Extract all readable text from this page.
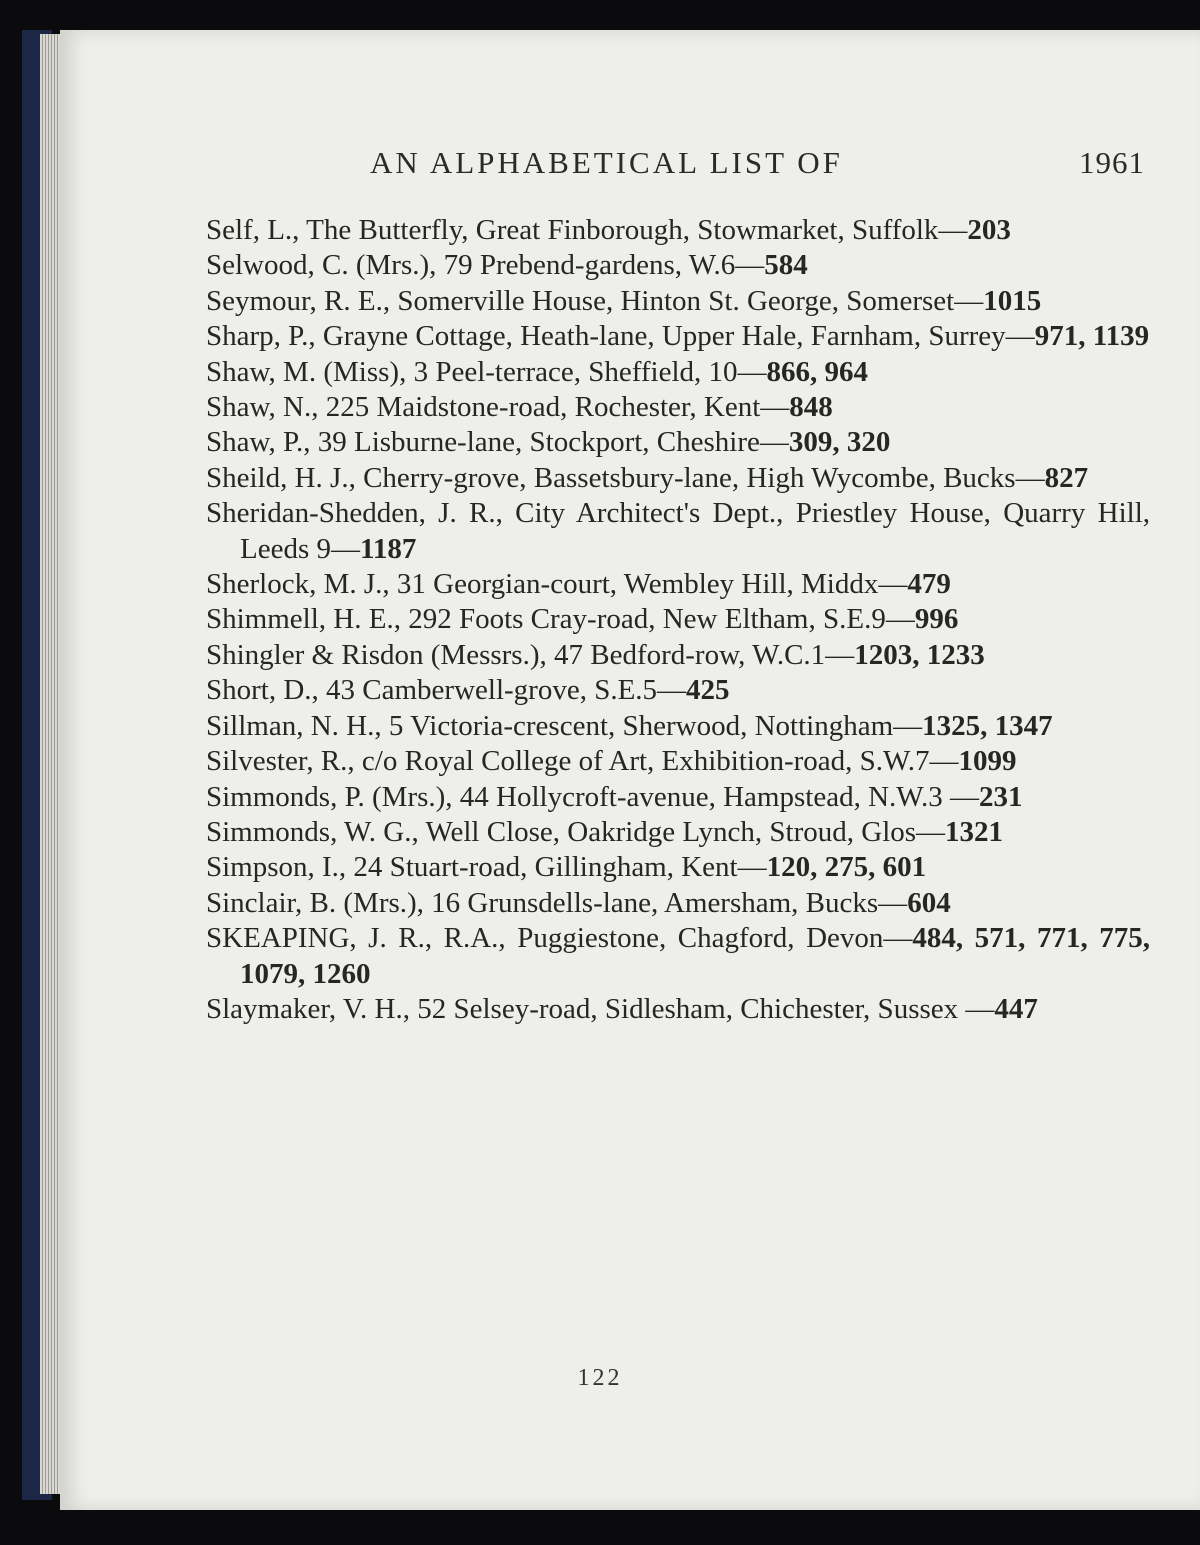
AN ALPHABETICAL LIST OF	1961
Self, L., The Butterfly, Great Finborough, Stowmarket, Suffolk—203
Selwood, C. (Mrs.), 79 Prebend-gardens, W.6—584
Seymour, R. E., Somerville House, Hinton St. George, Somerset—1015
Sharp, P., Grayne Cottage, Heath-lane, Upper Hale, Farnham, Surrey—971, 1139
Shaw, M. (Miss), 3 Peel-terrace, Sheffield, 10—866, 964
Shaw, N., 225 Maidstone-road, Rochester, Kent—848
Shaw, P., 39 Lisburne-lane, Stockport, Cheshire—309, 320
Sheild, H. J., Cherry-grove, Bassetsbury-lane, High Wycombe, Bucks—827
Sheridan-Shedden, J. R., City Architect's Dept., Priestley House, Quarry Hill, Leeds 9—1187
Sherlock, M. J., 31 Georgian-court, Wembley Hill, Middx—479
Shimmell, H. E., 292 Foots Cray-road, New Eltham, S.E.9—996
Shingler & Risdon (Messrs.), 47 Bedford-row, W.C.1—1203, 1233
Short, D., 43 Camberwell-grove, S.E.5—425
Sillman, N. H., 5 Victoria-crescent, Sherwood, Nottingham—1325, 1347
Silvester, R., c/o Royal College of Art, Exhibition-road, S.W.7—1099
Simmonds, P. (Mrs.), 44 Hollycroft-avenue, Hampstead, N.W.3 —231
Simmonds, W. G., Well Close, Oakridge Lynch, Stroud, Glos—1321
Simpson, I., 24 Stuart-road, Gillingham, Kent—120, 275, 601
Sinclair, B. (Mrs.), 16 Grunsdells-lane, Amersham, Bucks—604
SKEAPING, J. R., R.A., Puggiestone, Chagford, Devon—484, 571, 771, 775, 1079, 1260
Slaymaker, V. H., 52 Selsey-road, Sidlesham, Chichester, Sussex —447
122
